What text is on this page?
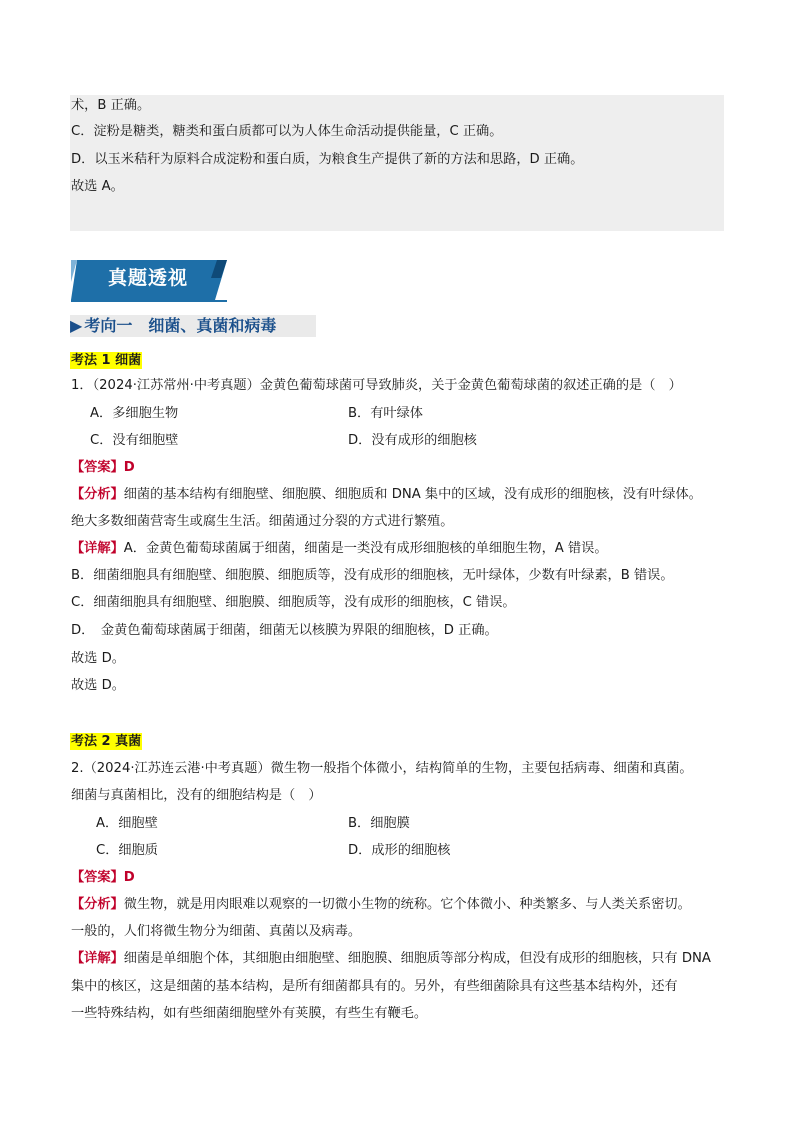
术，B 正确。
C．淀粉是糖类，糖类和蛋白质都可以为人体生命活动提供能量，C 正确。
D．以玉米秸秆为原料合成淀粉和蛋白质，为粮食生产提供了新的方法和思路，D 正确。
故选 A。
真题透视
▶ 考向一　细菌、真菌和病毒
考法 1 细菌
1．（2024·江苏常州·中考真题）金黄色葡萄球菌可导致肺炎，关于金黄色葡萄球菌的叙述正确的是（　）
A．多细胞生物	B．有叶绿体
C．没有细胞壁	D．没有成形的细胞核
【答案】D
【分析】细菌的基本结构有细胞壁、细胞膜、细胞质和 DNA 集中的区域，没有成形的细胞核，没有叶绿体。
绝大多数细菌营寄生或腐生生活。细菌通过分裂的方式进行繁殖。
【详解】A．金黄色葡萄球菌属于细菌，细菌是一类没有成形细胞核的单细胞生物，A 错误。
B．细菌细胞具有细胞壁、细胞膜、细胞质等，没有成形的细胞核，无叶绿体，少数有叶绿素，B 错误。
C．细菌细胞具有细胞壁、细胞膜、细胞质等，没有成形的细胞核，C 错误。
D．　金黄色葡萄球菌属于细菌，细菌无以核膜为界限的细胞核，D 正确。
故选 D。
故选 D。
考法 2 真菌
2.（2024·江苏连云港·中考真题）微生物一般指个体微小，结构简单的生物，主要包括病毒、细菌和真菌。
细菌与真菌相比，没有的细胞结构是（　）
A．细胞壁	B．细胞膜
C．细胞质	D．成形的细胞核
【答案】D
【分析】微生物，就是用肉眼难以观察的一切微小生物的统称。它个体微小、种类繁多、与人类关系密切。
一般的，人们将微生物分为细菌、真菌以及病毒。
【详解】细菌是单细胞个体，其细胞由细胞壁、细胞膜、细胞质等部分构成，但没有成形的细胞核，只有 DNA
集中的核区，这是细菌的基本结构，是所有细菌都具有的。另外，有些细菌除具有这些基本结构外，还有
一些特殊结构，如有些细菌细胞壁外有荚膜，有些生有鞭毛。
